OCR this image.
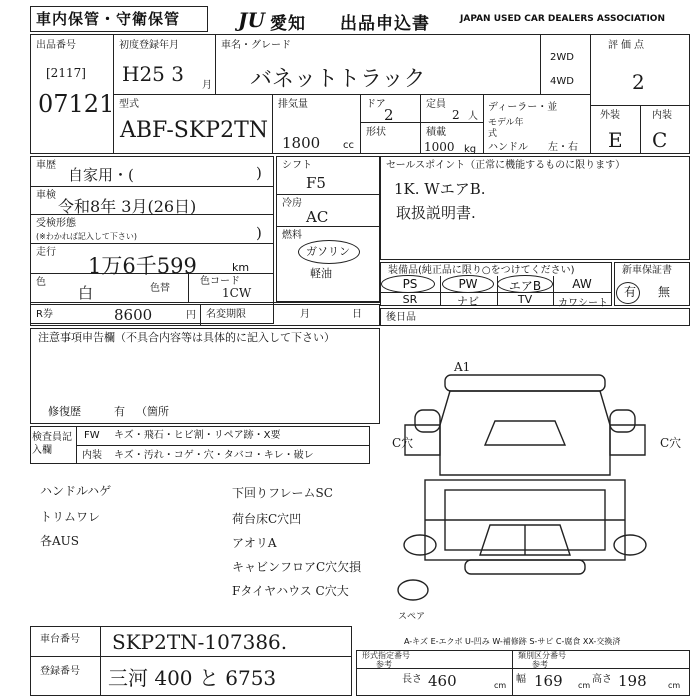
車内保管・守衛保管	JU 愛知 出品申込書	JAPAN USED CAR DEALERS ASSOCIATION
出品番号
[2117]
07121
初度登録年月
H25 3 月
車名・グレード
バネットトラック
2WD
4WD
評価点
2
外装	内装
E C
型式
ABF-SKP2TN
排気量
1800 cc
ドア
2
形状
定員
2 人
積載
1000 kg
ディーラー・並
モデル年式
ハンドル 左・右
車歴
自家用・(	)
車検
令和8年 3月(26日)
受検形態
(※わかれば記入して下さい)	)
走行
1万6千599	km
色
白	色替
色コード
1CW
シフト
F5
冷房
AC
燃料
ガソリン
軽油
セールスポイント（正常に機能するものに限ります）
1K. WエアB.
取扱説明書.
装備品(純正品に限り○をつけてください)
PS	PW	エアB	AW
SR	ナビ	TV	カワシート
新車保証書
有 無
R券	8600	円 名変期限	月	日 後日品
注意事項申告欄（不具合内容等は具体的に記入して下さい）
修復歴	有 （箇所
検査員記入欄
FW キズ・飛石・ヒビ割・リペア跡・X要
内装 キズ・汚れ・コゲ・穴・タバコ・キレ・破レ
ハンドルハゲ
トリムワレ
各AUS
下回りフレームSC
荷台床C穴凹
アオリA
キャビンフロアC穴欠損
Fタイヤハウス C穴大
A1
C穴	C穴
スペア
A-キズ E-エクボ U-凹み W-補修跡 S-サビ C-腐食 XX-交換済
車台番号 SKP2TN-107386.
登録番号 三河 400 と 6753
形式指定番号
参考
類別区分番号
参考
長さ 460	cm
幅 169 cm
高さ 198	cm
